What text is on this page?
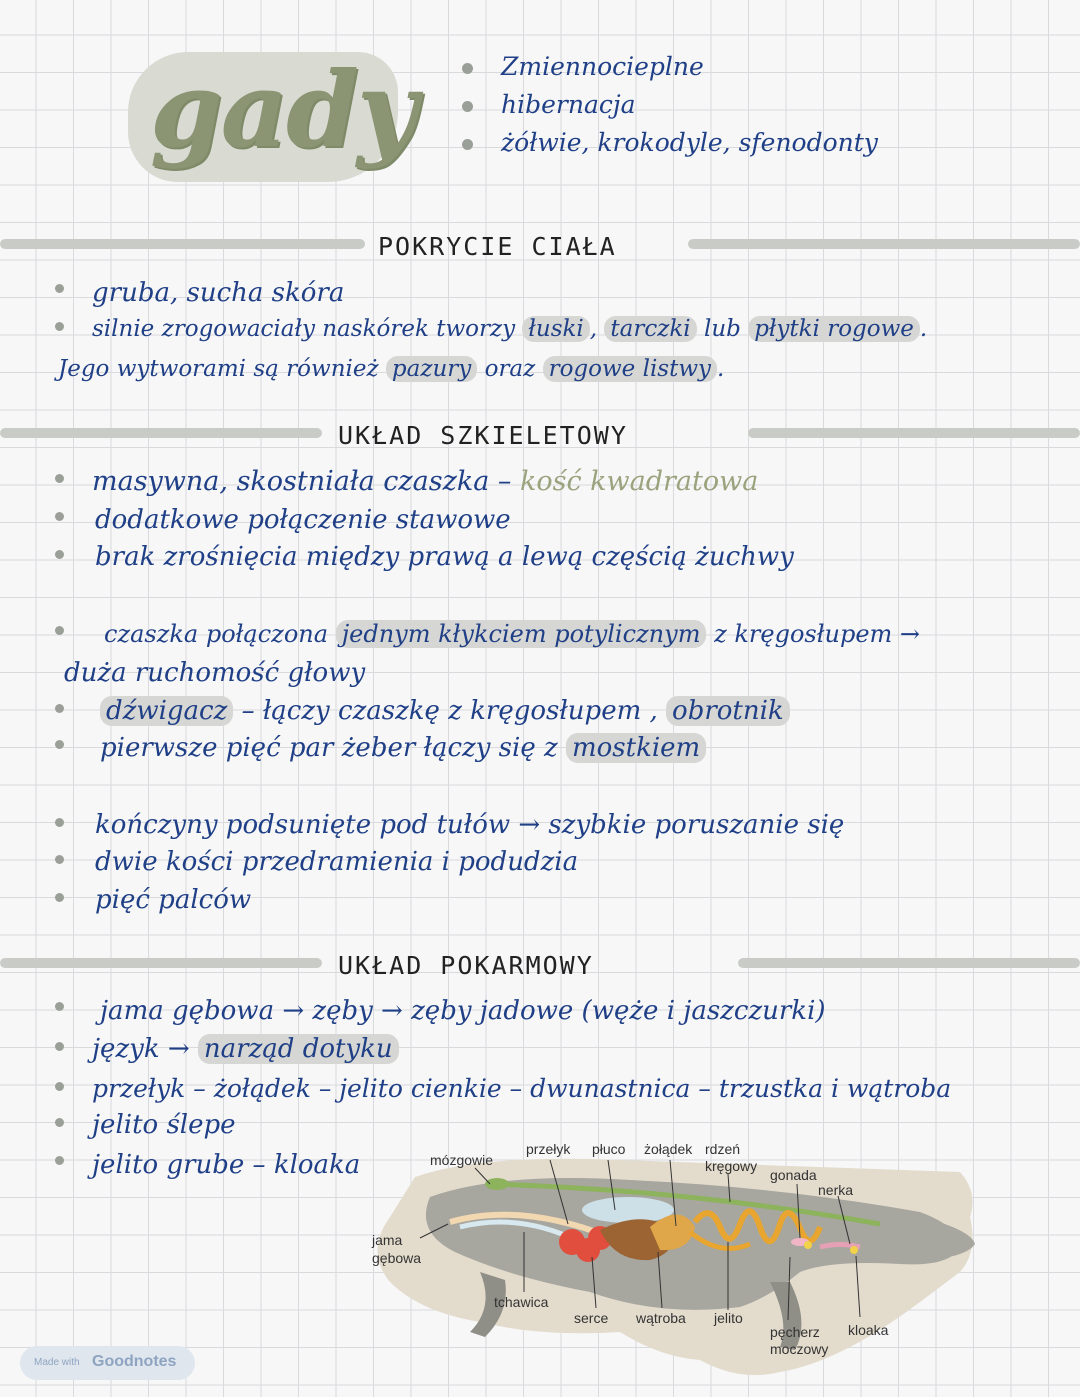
gady	Zmiennocieplne
hibernacja
żółwie, krokodyle, sfenodonty
POKRYCIE CIAŁA
gruba, sucha skóra
silnie zrogowaciały naskórek tworzy łuski , tarczki lub płytki rogowe .
Jego wytworami są również pazury oraz rogowe listwy .
UKŁAD SZKIELETOWY
masywna, skostniała czaszka – kość kwadratowa
dodatkowe połączenie stawowe
brak zrośnięcia między prawą a lewą częścią żuchwy
czaszka połączona jednym kłykciem potylicznym z kręgosłupem →
duża ruchomość głowy
dźwigacz – łączy czaszkę z kręgosłupem , obrotnik
pierwsze pięć par żeber łączy się z mostkiem
kończyny podsunięte pod tułów → szybkie poruszanie się
dwie kości przedramienia i podudzia
pięć palców
UKŁAD POKARMOWY
jama gębowa → zęby → zęby jadowe (węże i jaszczurki)
język → narząd dotyku
przełyk – żołądek – jelito cienkie – dwunastnica – trzustka i wątroba
jelito ślepe
jelito grube – kloaka	mózgowie
przełyk płuco żołądek rdzeń
kręgowy
gonada
nerka
jama
gębowa
tchawica
serce wątroba jelito
pęcherz
moczowy
kloaka
Made with Goodnotes
